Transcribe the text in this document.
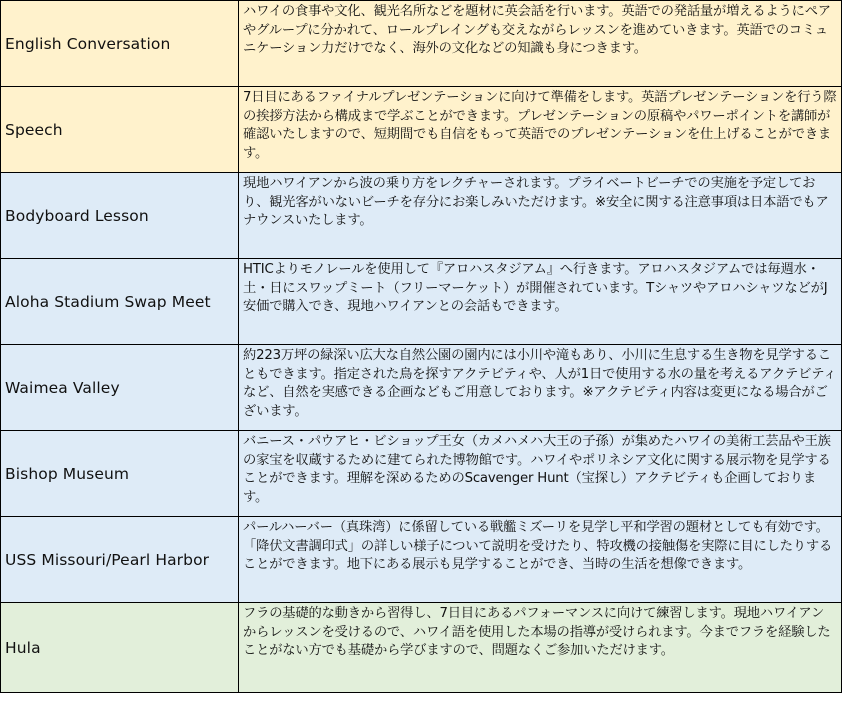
English Conversation	ハワイの食事や文化、観光名所などを題材に英会話を行います。英語での発話量が増えるようにペアやグループに分かれて、ロールプレイングも交えながらレッスンを進めていきます。英語でのコミュニケーション力だけでなく、海外の文化などの知識も身につきます。
Speech	7日目にあるファイナルプレゼンテーションに向けて準備をします。英語プレゼンテーションを行う際の挨拶方法から構成まで学ぶことができます。プレゼンテーションの原稿やパワーポイントを講師が確認いたしますので、短期間でも自信をもって英語でのプレゼンテーションを仕上げることができます。
Bodyboard Lesson	現地ハワイアンから波の乗り方をレクチャーされます。プライベートビーチでの実施を予定しており、観光客がいないビーチを存分にお楽しみいただけます。※安全に関する注意事項は日本語でもアナウンスいたします。
Aloha Stadium Swap Meet	HTICよりモノレールを使用して『アロハスタジアム』へ行きます。アロハスタジアムでは毎週水・土・日にスワップミート（フリーマーケット）が開催されています。TシャツやアロハシャツなどがJ安価で購入でき、現地ハワイアンとの会話もできます。
Waimea Valley	約223万坪の緑深い広大な自然公園の園内には小川や滝もあり、小川に生息する生き物を見学することもできます。指定された鳥を探すアクテビティや、人が1日で使用する水の量を考えるアクテビティなど、自然を実感できる企画などもご用意しております。※アクテビティ内容は変更になる場合がございます。
Bishop Museum	バニース・パウアヒ・ビショップ王女（カメハメハ大王の子孫）が集めたハワイの美術工芸品や王族の家宝を収蔵するために建てられた博物館です。ハワイやポリネシア文化に関する展示物を見学することができます。理解を深めるためのScavenger Hunt（宝探し）アクテビティも企画しております。
USS Missouri/Pearl Harbor	パールハーバー（真珠湾）に係留している戦艦ミズーリを見学し平和学習の題材としても有効です。「降伏文書調印式」の詳しい様子について説明を受けたり、特攻機の接触傷を実際に目にしたりすることができます。地下にある展示も見学することができ、当時の生活を想像できます。
Hula	フラの基礎的な動きから習得し、7日目にあるパフォーマンスに向けて練習します。現地ハワイアンからレッスンを受けるので、ハワイ語を使用した本場の指導が受けられます。今までフラを経験したことがない方でも基礎から学びますので、問題なくご参加いただけます。
